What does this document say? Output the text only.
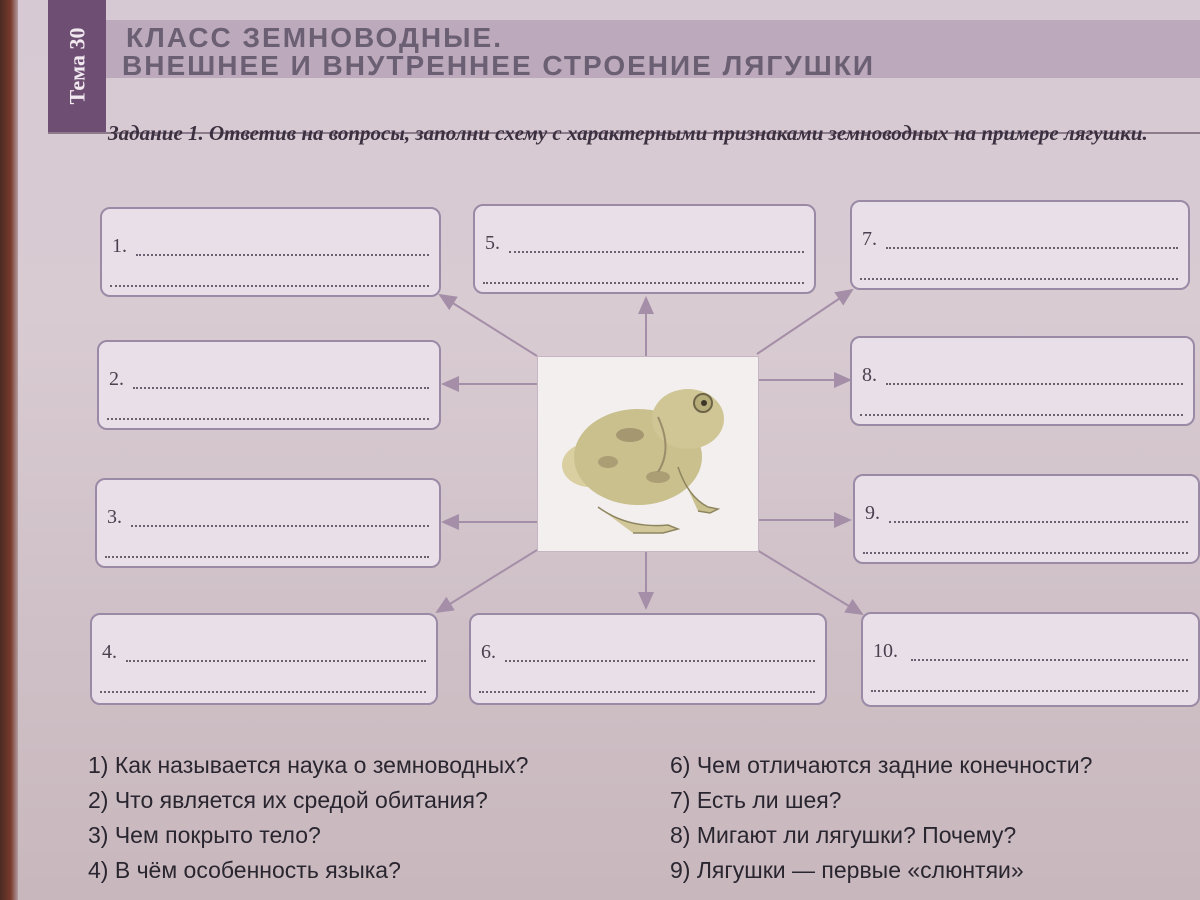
Тема 30 КЛАСС ЗЕМНОВОДНЫЕ.
ВНЕШНЕЕ И ВНУТРЕННЕЕ СТРОЕНИЕ ЛЯГУШКИ
Задание 1. Ответив на вопросы, заполни схему с характерными признаками земноводных на примере лягушки.
1.	5.	7.
2.	8.
3.	9.
4.	6.	10.
1) Как называется наука о земноводных?
2) Что является их средой обитания?
3) Чем покрыто тело?
4) В чём особенность языка?
6) Чем отличаются задние конечности?
7) Есть ли шея?
8) Мигают ли лягушки? Почему?
9) Лягушки — первые «слюнтяи»
